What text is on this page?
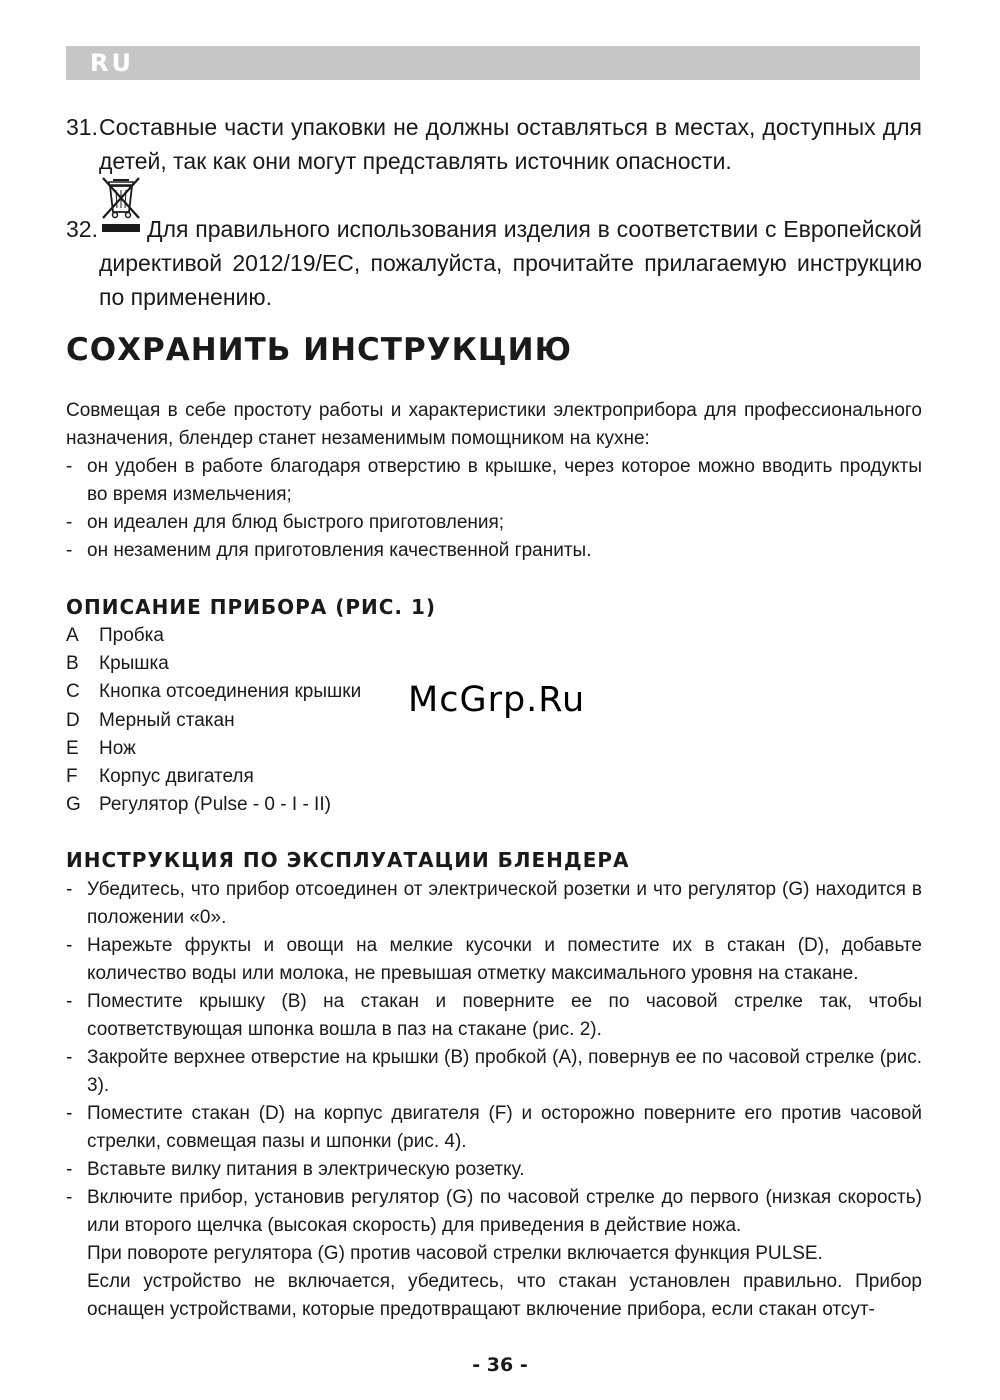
RU
31. Составные части упаковки не должны оставляться в местах, доступных для детей, так как они могут представлять источник опасности.
32.	Для правильного использования изделия в соответствии с Европейской директивой 2012/19/EC, пожалуйста, прочитайте прилагаемую инструкцию по применению.
СОХРАНИТЬ ИНСТРУКЦИЮ
Совмещая в себе простоту работы и характеристики электроприбора для профессионального назначения, блендер станет незаменимым помощником на кухне:
- он удобен в работе благодаря отверстию в крышке, через которое можно вводить продукты во время измельчения;
- он идеален для блюд быстрого приготовления;
- он незаменим для приготовления качественной граниты.
ОПИСАНИЕ ПРИБОРА (РИС. 1)
A Пробка
B Крышка
C Кнопка отсоединения крышки
D Мерный стакан
E Нож
F Корпус двигателя
G Регулятор (Pulse - 0 - I - II)
McGrp.Ru
ИНСТРУКЦИЯ ПО ЭКСПЛУАТАЦИИ БЛЕНДЕРА
- Убедитесь, что прибор отсоединен от электрической розетки и что регулятор (G) находится в положении «0».
- Нарежьте фрукты и овощи на мелкие кусочки и поместите их в стакан (D), добавьте количество воды или молока, не превышая отметку максимального уровня на стакане.
- Поместите крышку (B) на стакан и поверните ее по часовой стрелке так, чтобы соответствующая шпонка вошла в паз на стакане (рис. 2).
- Закройте верхнее отверстие на крышки (B) пробкой (A), повернув ее по часовой стрелке (рис. 3).
- Поместите стакан (D) на корпус двигателя (F) и осторожно поверните его против часовой стрелки, совмещая пазы и шпонки (рис. 4).
- Вставьте вилку питания в электрическую розетку.
- Включите прибор, установив регулятор (G) по часовой стрелке до первого (низкая скорость) или второго щелчка (высокая скорость) для приведения в действие ножа.
При повороте регулятора (G) против часовой стрелки включается функция PULSE.
Если устройство не включается, убедитесь, что стакан установлен правильно. Прибор оснащен устройствами, которые предотвращают включение прибора, если стакан отсут-
- 36 -
